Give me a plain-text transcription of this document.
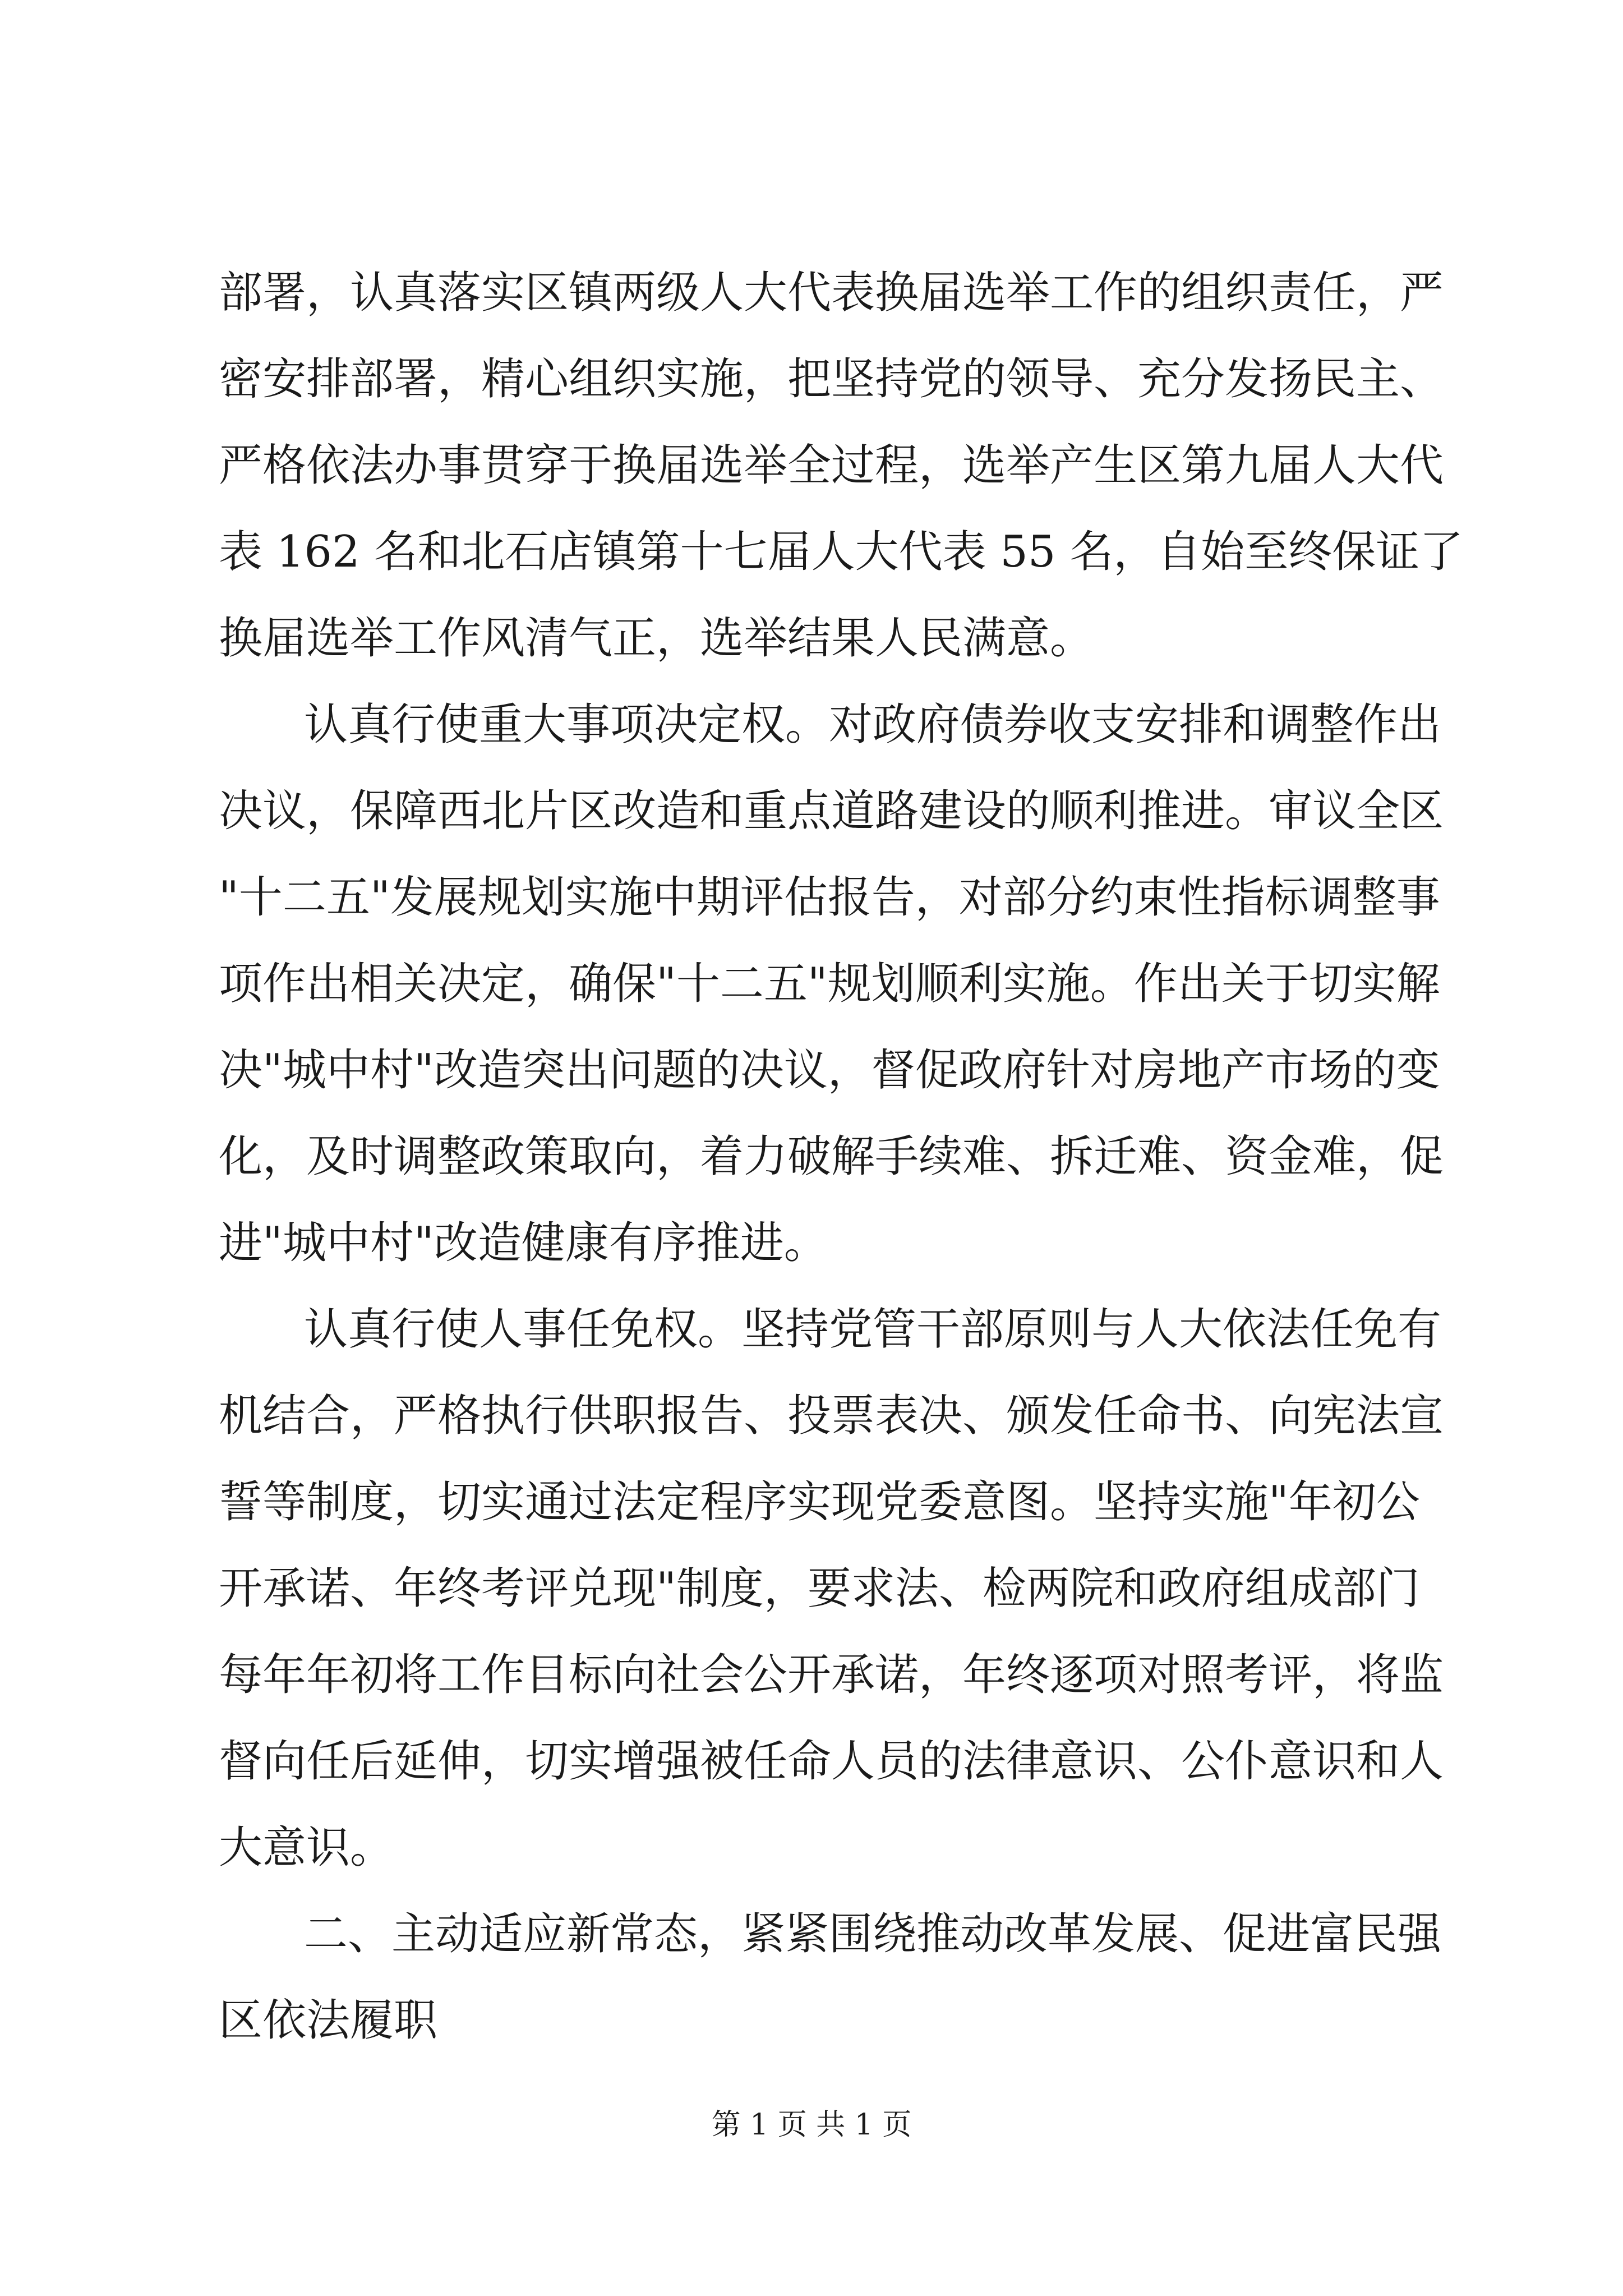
部署，认真落实区镇两级人大代表换届选举工作的组织责任，严
密安排部署，精心组织实施，把坚持党的领导、充分发扬民主、
严格依法办事贯穿于换届选举全过程，选举产生区第九届人大代
表 162 名和北石店镇第十七届人大代表 55 名，自始至终保证了
换届选举工作风清气正，选举结果人民满意。
认真行使重大事项决定权。对政府债券收支安排和调整作出
决议，保障西北片区改造和重点道路建设的顺利推进。审议全区
"十二五"发展规划实施中期评估报告，对部分约束性指标调整事
项作出相关决定，确保"十二五"规划顺利实施。作出关于切实解
决"城中村"改造突出问题的决议，督促政府针对房地产市场的变
化，及时调整政策取向，着力破解手续难、拆迁难、资金难，促
进"城中村"改造健康有序推进。
认真行使人事任免权。坚持党管干部原则与人大依法任免有
机结合，严格执行供职报告、投票表决、颁发任命书、向宪法宣
誓等制度，切实通过法定程序实现党委意图。坚持实施"年初公
开承诺、年终考评兑现"制度，要求法、检两院和政府组成部门
每年年初将工作目标向社会公开承诺，年终逐项对照考评，将监
督向任后延伸，切实增强被任命人员的法律意识、公仆意识和人
大意识。
二、主动适应新常态，紧紧围绕推动改革发展、促进富民强
区依法履职
第 1 页 共 1 页
